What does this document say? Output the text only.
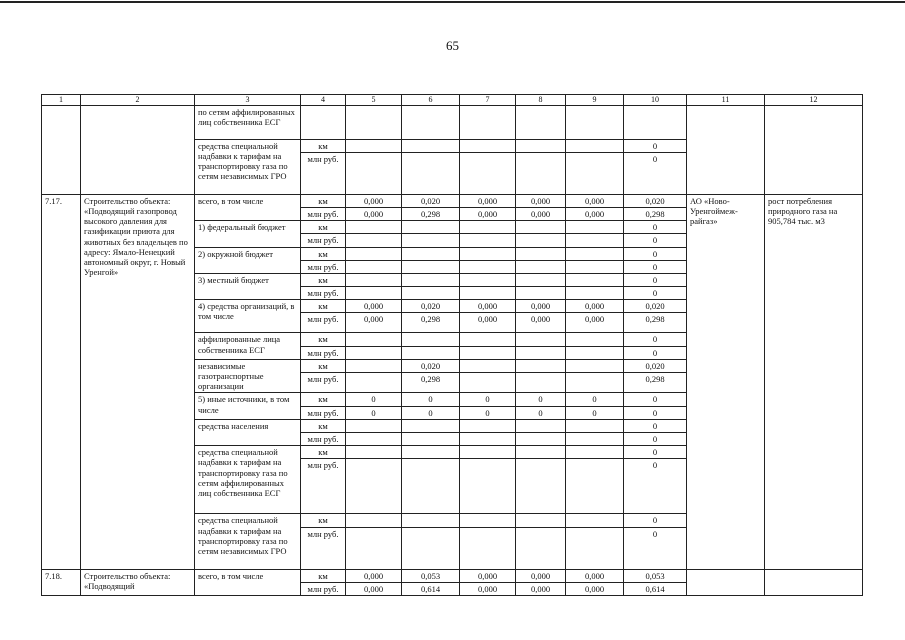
65
1	2	3	4	5	6	7	8	9	10	11	12
		по сетям аффилированных лиц собственника ЕСГ									
		средства специальной надбавки к тарифам на транспортировку газа по сетям независимых ГРО	км						0		
			млн руб.						0		
7.17.	Строительство объекта: «Подводящий газопровод высокого давления для газификации приюта для животных без владельцев по адресу: Ямало-Ненецкий автономный округ, г. Новый Уренгой»	всего, в том числе	км	0,000	0,020	0,000	0,000	0,000	0,020	АО «Ново-Уренгоймеж-райгаз»	рост потребления природного газа на 905,784 тыс. м3
			млн руб.	0,000	0,298	0,000	0,000	0,000	0,298		
		1) федеральный бюджет	км						0		
			млн руб.						0		
		2) окружной бюджет	км						0		
			млн руб.						0		
		3) местный бюджет	км						0		
			млн руб.						0		
		4) средства организаций, в том числе	км	0,000	0,020	0,000	0,000	0,000	0,020		
			млн руб.	0,000	0,298	0,000	0,000	0,000	0,298		
		аффилированные лица собственника ЕСГ	км						0		
			млн руб.						0		
		независимые газотранспортные организации	км		0,020				0,020		
			млн руб.		0,298				0,298		
		5) иные источники, в том числе	км	0	0	0	0	0	0		
			млн руб.	0	0	0	0	0	0		
		средства населения	км						0		
			млн руб.						0		
		средства специальной надбавки к тарифам на транспортировку газа по сетям аффилированных лиц собственника ЕСГ	км						0		
			млн руб.						0		
		средства специальной надбавки к тарифам на транспортировку газа по сетям независимых ГРО	км						0		
			млн руб.						0		
7.18.	Строительство объекта: «Подводящий	всего, в том числе	км	0,000	0,053	0,000	0,000	0,000	0,053		
			млн руб.	0,000	0,614	0,000	0,000	0,000	0,614		
